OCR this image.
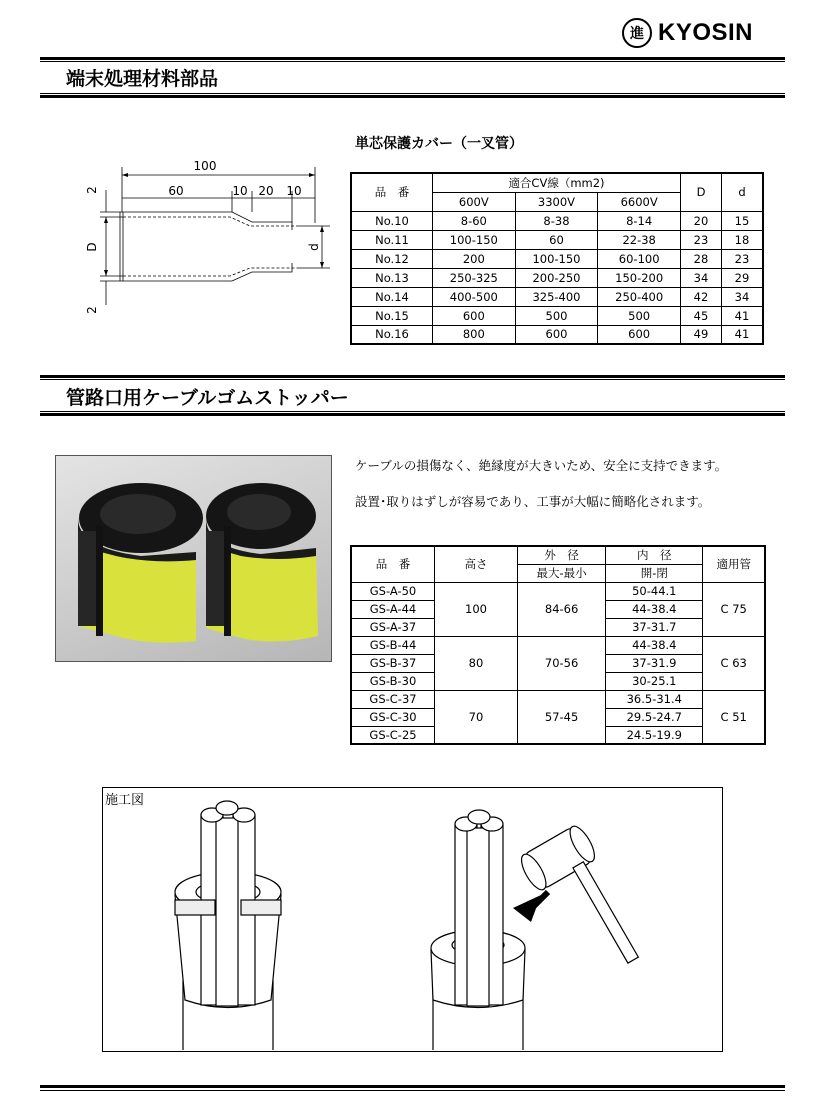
進 KYOSIN
端末処理材料部品
単芯保護カバー（一叉管）
100
60	10 20 10
2
D
2
d
品　番	適合CV線（mm2)			D	d
	600V	3300V	6600V		
No.10	8-60	8-38	8-14	20	15
No.11	100-150	60	22-38	23	18
No.12	200	100-150	60-100	28	23
No.13	250-325	200-250	150-200	34	29
No.14	400-500	325-400	250-400	42	34
No.15	600	500	500	45	41
No.16	800	600	600	49	41
管路口用ケーブルゴムストッパー
ケーブルの損傷なく、絶縁度が大きいため、安全に支持できます。
設置･取りはずしが容易であり、工事が大幅に簡略化されます。
品　番	高さ	外　径	内　径	適用管
		最大-最小	開-閉	
GS-A-50	100	84-66	50-44.1	C 75
GS-A-44			44-38.4	
GS-A-37			37-31.7	
GS-B-44	80	70-56	44-38.4	C 63
GS-B-37			37-31.9	
GS-B-30			30-25.1	
GS-C-37	70	57-45	36.5-31.4	C 51
GS-C-30			29.5-24.7	
GS-C-25			24.5-19.9	
施工図
